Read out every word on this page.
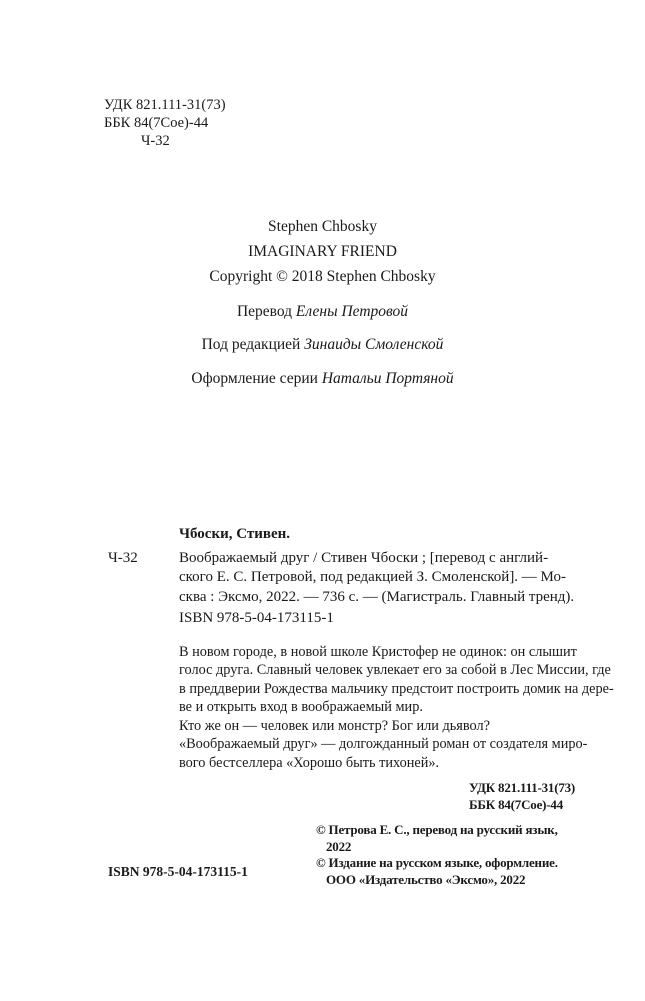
УДК 821.111-31(73)
ББК 84(7Сое)-44
Ч-32
Stephen Chbosky
IMAGINARY FRIEND
Copyright © 2018 Stephen Chbosky
Перевод Елены Петровой
Под редакцией Зинаиды Смоленской
Оформление серии Натальи Портяной
Чбоски, Стивен.
Ч-32	Воображаемый друг / Стивен Чбоски ; [перевод с англий-
ского Е. С. Петровой, под редакцией З. Смоленской]. — Мо-
сква : Эксмо, 2022. — 736 с. — (Магистраль. Главный тренд).
ISBN 978-5-04-173115-1
В новом городе, в новой школе Кристофер не одинок: он слышит
голос друга. Славный человек увлекает его за собой в Лес Миссии, где
в преддверии Рождества мальчику предстоит построить домик на дере-
ве и открыть вход в воображаемый мир.
Кто же он — человек или монстр? Бог или дьявол?
«Воображаемый друг» — долгожданный роман от создателя миро-
вого бестселлера «Хорошо быть тихоней».
УДК 821.111-31(73)
ББК 84(7Сое)-44
© Петрова Е. С., перевод на русский язык,
2022
© Издание на русском языке, оформление.
ООО «Издательство «Эксмо», 2022
ISBN 978-5-04-173115-1
